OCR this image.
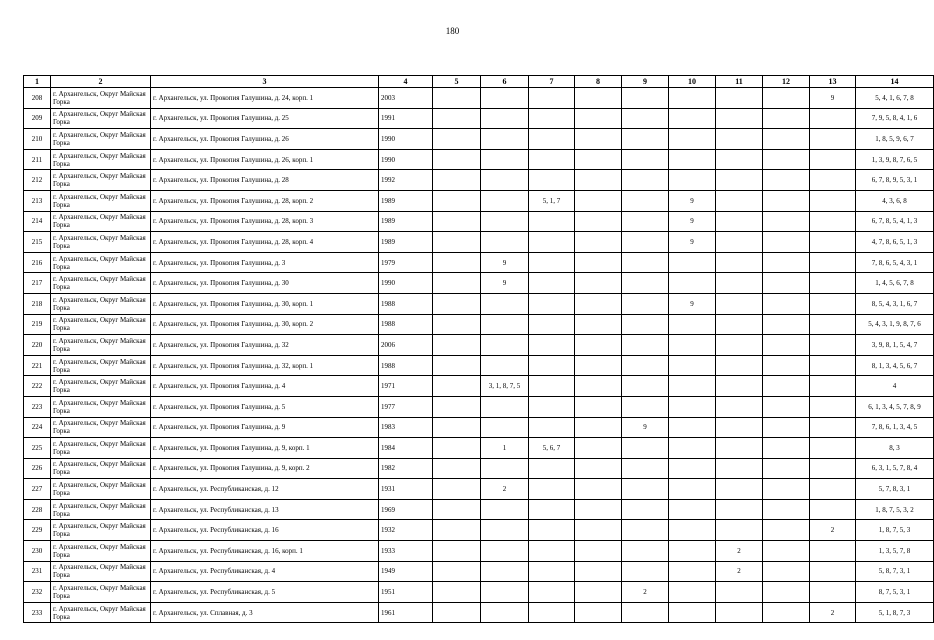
180
1	2	3	4	5	6	7	8	9	10	11	12	13	14
208	г. Архангельск, Округ Майская Горка	г. Архангельск, ул. Прокопия Галушина, д. 24, корп. 1	2003									9	5, 4, 1, 6, 7, 8
209	г. Архангельск, Округ Майская Горка	г. Архангельск, ул. Прокопия Галушина, д. 25	1991										7, 9, 5, 8, 4, 1, 6
210	г. Архангельск, Округ Майская Горка	г. Архангельск, ул. Прокопия Галушина, д. 26	1990										1, 8, 5, 9, 6, 7
211	г. Архангельск, Округ Майская Горка	г. Архангельск, ул. Прокопия Галушина, д. 26, корп. 1	1990										1, 3, 9, 8, 7, 6, 5
212	г. Архангельск, Округ Майская Горка	г. Архангельск, ул. Прокопия Галушина, д. 28	1992										6, 7, 8, 9, 5, 3, 1
213	г. Архангельск, Округ Майская Горка	г. Архангельск, ул. Прокопия Галушина, д. 28, корп. 2	1989			5, 1, 7			9				4, 3, 6, 8
214	г. Архангельск, Округ Майская Горка	г. Архангельск, ул. Прокопия Галушина, д. 28, корп. 3	1989						9				6, 7, 8, 5, 4, 1, 3
215	г. Архангельск, Округ Майская Горка	г. Архангельск, ул. Прокопия Галушина, д. 28, корп. 4	1989						9				4, 7, 8, 6, 5, 1, 3
216	г. Архангельск, Округ Майская Горка	г. Архангельск, ул. Прокопия Галушина, д. 3	1979		9								7, 8, 6, 5, 4, 3, 1
217	г. Архангельск, Округ Майская Горка	г. Архангельск, ул. Прокопия Галушина, д. 30	1990		9								1, 4, 5, 6, 7, 8
218	г. Архангельск, Округ Майская Горка	г. Архангельск, ул. Прокопия Галушина, д. 30, корп. 1	1988						9				8, 5, 4, 3, 1, 6, 7
219	г. Архангельск, Округ Майская Горка	г. Архангельск, ул. Прокопия Галушина, д. 30, корп. 2	1988										5, 4, 3, 1, 9, 8, 7, 6
220	г. Архангельск, Округ Майская Горка	г. Архангельск, ул. Прокопия Галушина, д. 32	2006										3, 9, 8, 1, 5, 4, 7
221	г. Архангельск, Округ Майская Горка	г. Архангельск, ул. Прокопия Галушина, д. 32, корп. 1	1988										8, 1, 3, 4, 5, 6, 7
222	г. Архангельск, Округ Майская Горка	г. Архангельск, ул. Прокопия Галушина, д. 4	1971		3, 1, 8, 7, 5								4
223	г. Архангельск, Округ Майская Горка	г. Архангельск, ул. Прокопия Галушина, д. 5	1977										6, 1, 3, 4, 5, 7, 8, 9
224	г. Архангельск, Округ Майская Горка	г. Архангельск, ул. Прокопия Галушина, д. 9	1983					9					7, 8, 6, 1, 3, 4, 5
225	г. Архангельск, Округ Майская Горка	г. Архангельск, ул. Прокопия Галушина, д. 9, корп. 1	1984		1	5, 6, 7							8, 3
226	г. Архангельск, Округ Майская Горка	г. Архангельск, ул. Прокопия Галушина, д. 9, корп. 2	1982										6, 3, 1, 5, 7, 8, 4
227	г. Архангельск, Округ Майская Горка	г. Архангельск, ул. Республиканская, д. 12	1931		2								5, 7, 8, 3, 1
228	г. Архангельск, Округ Майская Горка	г. Архангельск, ул. Республиканская, д. 13	1969										1, 8, 7, 5, 3, 2
229	г. Архангельск, Округ Майская Горка	г. Архангельск, ул. Республиканская, д. 16	1932									2	1, 8, 7, 5, 3
230	г. Архангельск, Округ Майская Горка	г. Архангельск, ул. Республиканская, д. 16, корп. 1	1933							2			1, 3, 5, 7, 8
231	г. Архангельск, Округ Майская Горка	г. Архангельск, ул. Республиканская, д. 4	1949							2			5, 8, 7, 3, 1
232	г. Архангельск, Округ Майская Горка	г. Архангельск, ул. Республиканская, д. 5	1951					2					8, 7, 5, 3, 1
233	г. Архангельск, Округ Майская Горка	г. Архангельск, ул. Сплавная, д. 3	1961									2	5, 1, 8, 7, 3
